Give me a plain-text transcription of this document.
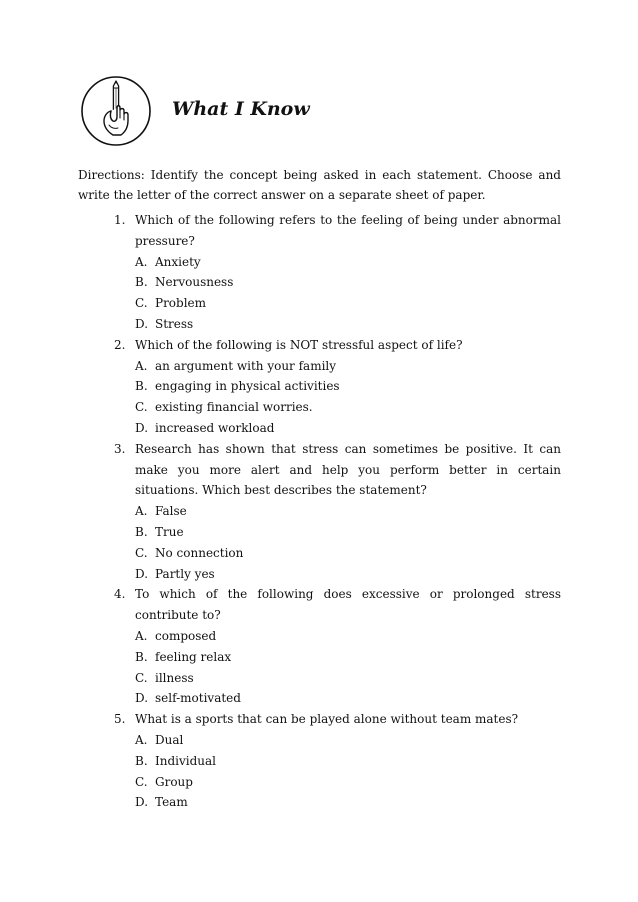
What I Know
Directions: Identify the concept being asked in each statement. Choose and write the letter of the correct answer on a separate sheet of paper.
1. Which of the following refers to the feeling of being under abnormal pressure?
A. Anxiety
B. Nervousness
C. Problem
D. Stress
2. Which of the following is NOT stressful aspect of life?
A. an argument with your family
B. engaging in physical activities
C. existing financial worries.
D. increased workload
3. Research has shown that stress can sometimes be positive. It can make you more alert and help you perform better in certain situations. Which best describes the statement?
A. False
B. True
C. No connection
D. Partly yes
4. To which of the following does excessive or prolonged stress contribute to?
A. composed
B. feeling relax
C. illness
D. self-motivated
5. What is a sports that can be played alone without team mates?
A. Dual
B. Individual
C. Group
D. Team
